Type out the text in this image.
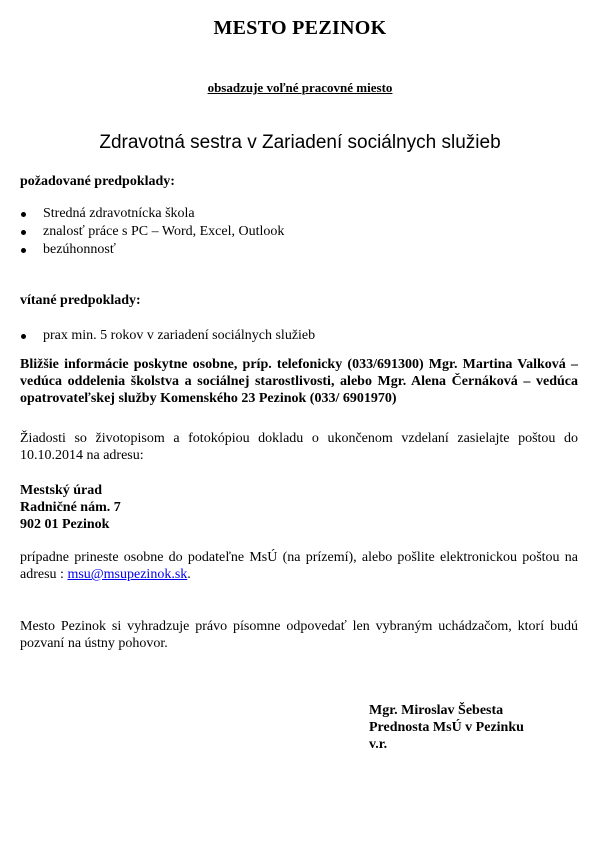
MESTO PEZINOK

obsadzuje voľné pracovné miesto

Zdravotná sestra v Zariadení sociálnych služieb
požadované predpoklady:
Stredná zdravotnícka škola
znalosť práce s PC – Word, Excel, Outlook
bezúhonnosť
vítané predpoklady:
prax min. 5 rokov v zariadení sociálnych služieb

Bližšie informácie poskytne osobne, príp. telefonicky (033/691300) Mgr. Martina Valková – vedúca oddelenia školstva a sociálnej starostlivosti, alebo Mgr. Alena Černáková – vedúca opatrovateľskej služby Komenského 23 Pezinok (033/ 6901970)

Žiadosti so životopisom a fotokópiou dokladu o ukončenom vzdelaní zasielajte poštou do 10.10.2014 na adresu:

Mestský úrad
Radničné nám. 7
902 01 Pezinok

prípadne prineste osobne do podateľne MsÚ (na prízemí), alebo pošlite elektronickou poštou na adresu : msu@msupezinok.sk.

Mesto Pezinok si vyhradzuje právo písomne odpovedať len vybraným uchádzačom, ktorí budú pozvaní na ústny pohovor.

Mgr. Miroslav Šebesta
Prednosta MsÚ v Pezinku
v.r.
